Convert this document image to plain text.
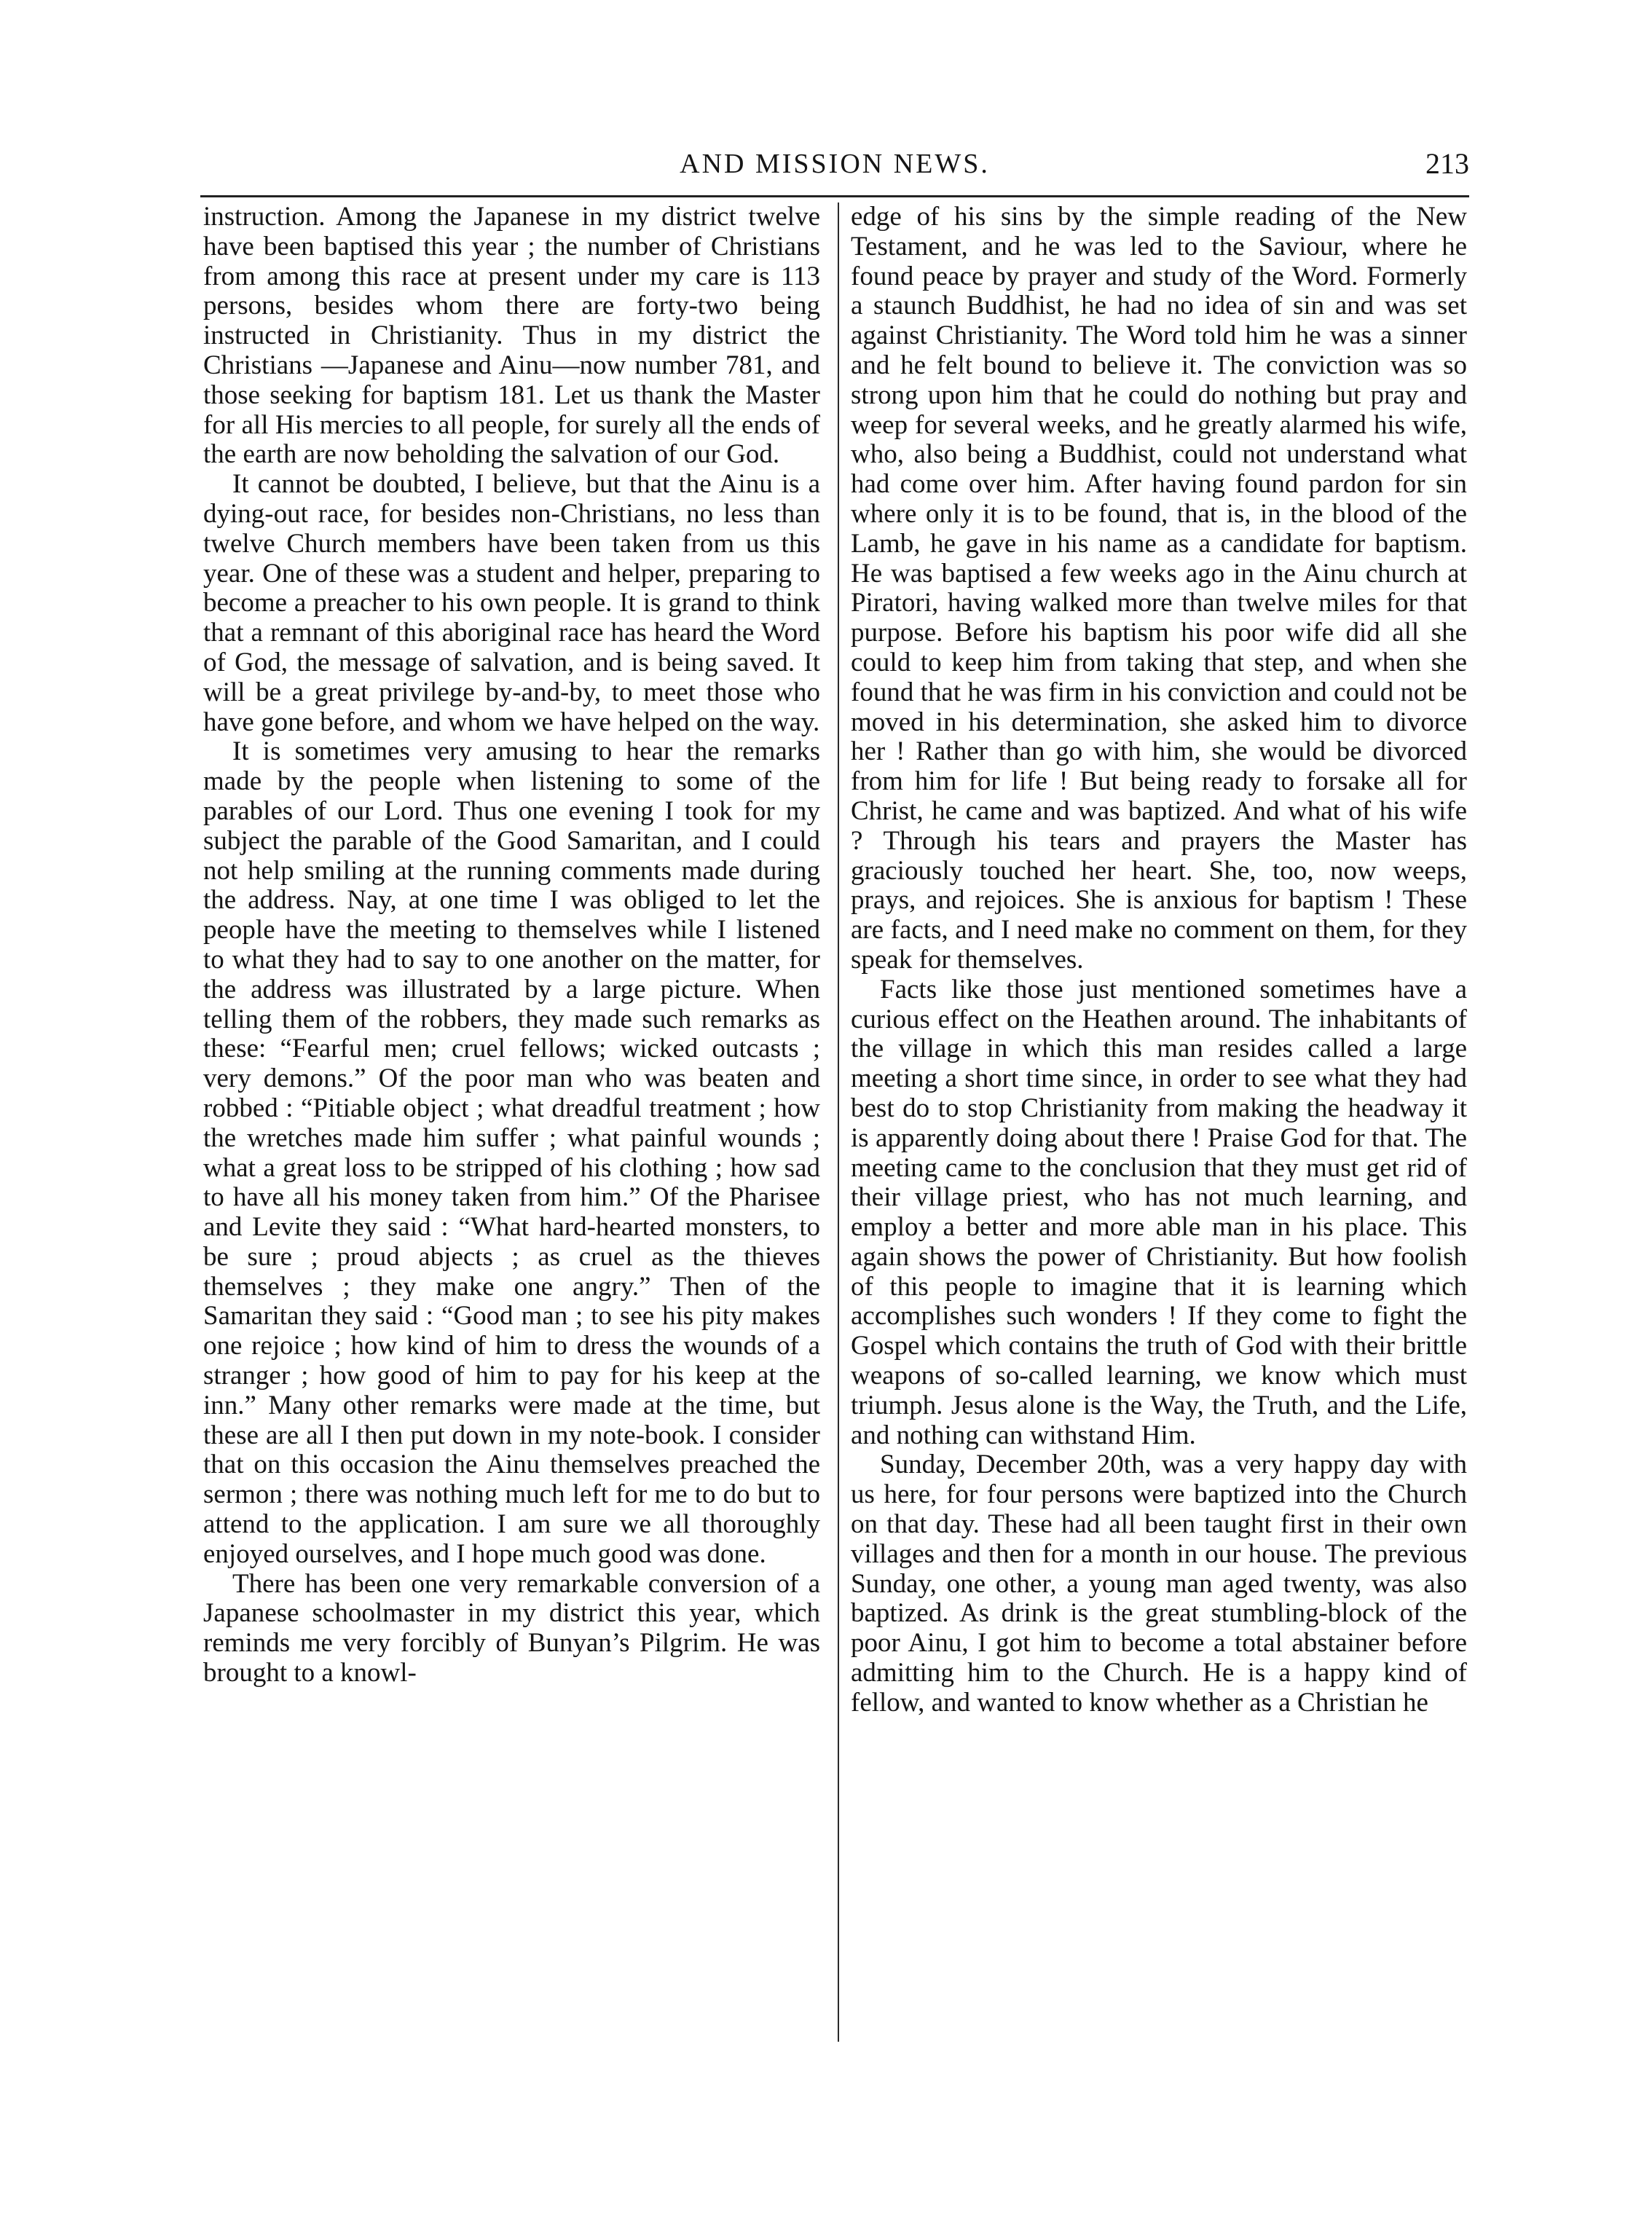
AND MISSION NEWS.	213

instruction. Among the Japanese in my district twelve have been baptised this year ; the number of Christians from among this race at present under my care is 113 persons, besides whom there are forty-two being instructed in Christianity. Thus in my district the Christians —Japanese and Ainu—now number 781, and those seeking for baptism 181. Let us thank the Master for all His mercies to all people, for surely all the ends of the earth are now beholding the salvation of our God.

It cannot be doubted, I believe, but that the Ainu is a dying-out race, for besides non-Christians, no less than twelve Church members have been taken from us this year. One of these was a student and helper, preparing to become a preacher to his own people. It is grand to think that a remnant of this aboriginal race has heard the Word of God, the message of salvation, and is being saved. It will be a great privilege by-and-by, to meet those who have gone before, and whom we have helped on the way.

It is sometimes very amusing to hear the remarks made by the people when listening to some of the parables of our Lord. Thus one evening I took for my subject the parable of the Good Samaritan, and I could not help smiling at the running comments made during the address. Nay, at one time I was obliged to let the people have the meeting to themselves while I listened to what they had to say to one another on the matter, for the address was illustrated by a large picture. When telling them of the robbers, they made such remarks as these: “Fearful men; cruel fellows; wicked outcasts ; very demons.” Of the poor man who was beaten and robbed : “Pitiable object ; what dreadful treatment ; how the wretches made him suffer ; what painful wounds ; what a great loss to be stripped of his clothing ; how sad to have all his money taken from him.” Of the Pharisee and Levite they said : “What hard-hearted monsters, to be sure ; proud abjects ; as cruel as the thieves themselves ; they make one angry.” Then of the Samaritan they said : “Good man ; to see his pity makes one rejoice ; how kind of him to dress the wounds of a stranger ; how good of him to pay for his keep at the inn.” Many other remarks were made at the time, but these are all I then put down in my note-book. I consider that on this occasion the Ainu themselves preached the sermon ; there was nothing much left for me to do but to attend to the application. I am sure we all thoroughly enjoyed ourselves, and I hope much good was done.

There has been one very remarkable conversion of a Japanese schoolmaster in my district this year, which reminds me very forcibly of Bunyan’s Pilgrim. He was brought to a knowl-

edge of his sins by the simple reading of the New Testament, and he was led to the Saviour, where he found peace by prayer and study of the Word. Formerly a staunch Buddhist, he had no idea of sin and was set against Christianity. The Word told him he was a sinner and he felt bound to believe it. The conviction was so strong upon him that he could do nothing but pray and weep for several weeks, and he greatly alarmed his wife, who, also being a Buddhist, could not understand what had come over him. After having found pardon for sin where only it is to be found, that is, in the blood of the Lamb, he gave in his name as a candidate for baptism. He was baptised a few weeks ago in the Ainu church at Piratori, having walked more than twelve miles for that purpose. Before his baptism his poor wife did all she could to keep him from taking that step, and when she found that he was firm in his conviction and could not be moved in his determination, she asked him to divorce her ! Rather than go with him, she would be divorced from him for life ! But being ready to forsake all for Christ, he came and was baptized. And what of his wife ? Through his tears and prayers the Master has graciously touched her heart. She, too, now weeps, prays, and rejoices. She is anxious for baptism ! These are facts, and I need make no comment on them, for they speak for themselves.

Facts like those just mentioned sometimes have a curious effect on the Heathen around. The inhabitants of the village in which this man resides called a large meeting a short time since, in order to see what they had best do to stop Christianity from making the headway it is apparently doing about there ! Praise God for that. The meeting came to the conclusion that they must get rid of their village priest, who has not much learning, and employ a better and more able man in his place. This again shows the power of Christianity. But how foolish of this people to imagine that it is learning which accomplishes such wonders ! If they come to fight the Gospel which contains the truth of God with their brittle weapons of so-called learning, we know which must triumph. Jesus alone is the Way, the Truth, and the Life, and nothing can withstand Him.

Sunday, December 20th, was a very happy day with us here, for four persons were baptized into the Church on that day. These had all been taught first in their own villages and then for a month in our house. The previous Sunday, one other, a young man aged twenty, was also baptized. As drink is the great stumbling-block of the poor Ainu, I got him to become a total abstainer before admitting him to the Church. He is a happy kind of fellow, and wanted to know whether as a Christian he
